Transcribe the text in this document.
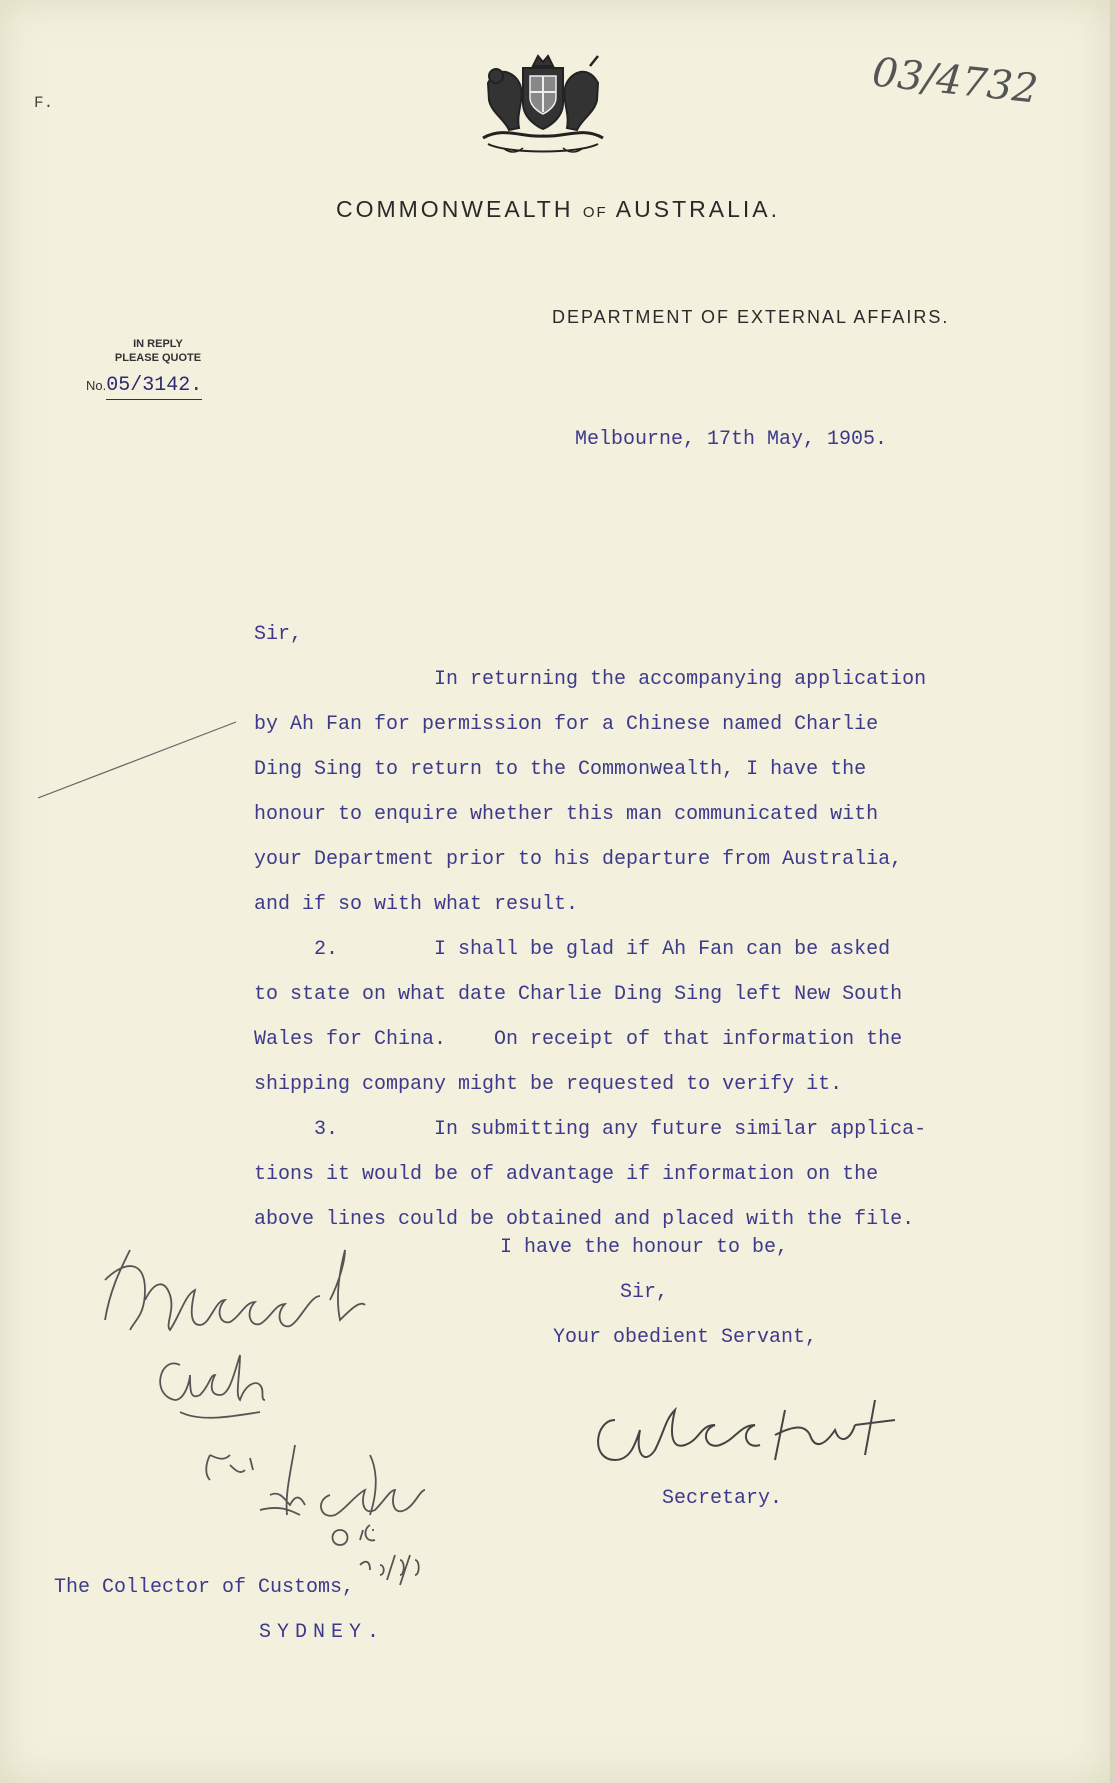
F.	03/4732
COMMONWEALTH OF AUSTRALIA.
DEPARTMENT OF EXTERNAL AFFAIRS.
IN REPLY
PLEASE QUOTE
No.05/3142.
Melbourne, 17th May, 1905.
Sir,
In returning the accompanying application
by Ah Fan for permission for a Chinese named Charlie
Ding Sing to return to the Commonwealth, I have the
honour to enquire whether this man communicated with
your Department prior to his departure from Australia,
and if so with what result.
2.        I shall be glad if Ah Fan can be asked
to state on what date Charlie Ding Sing left New South
Wales for China.    On receipt of that information the
shipping company might be requested to verify it.
3.        In submitting any future similar applica-
tions it would be of advantage if information on the
above lines could be obtained and placed with the file.
I have the honour to be,
Sir,
Your obedient Servant,
Secretary.
The Collector of Customs,
SYDNEY.
